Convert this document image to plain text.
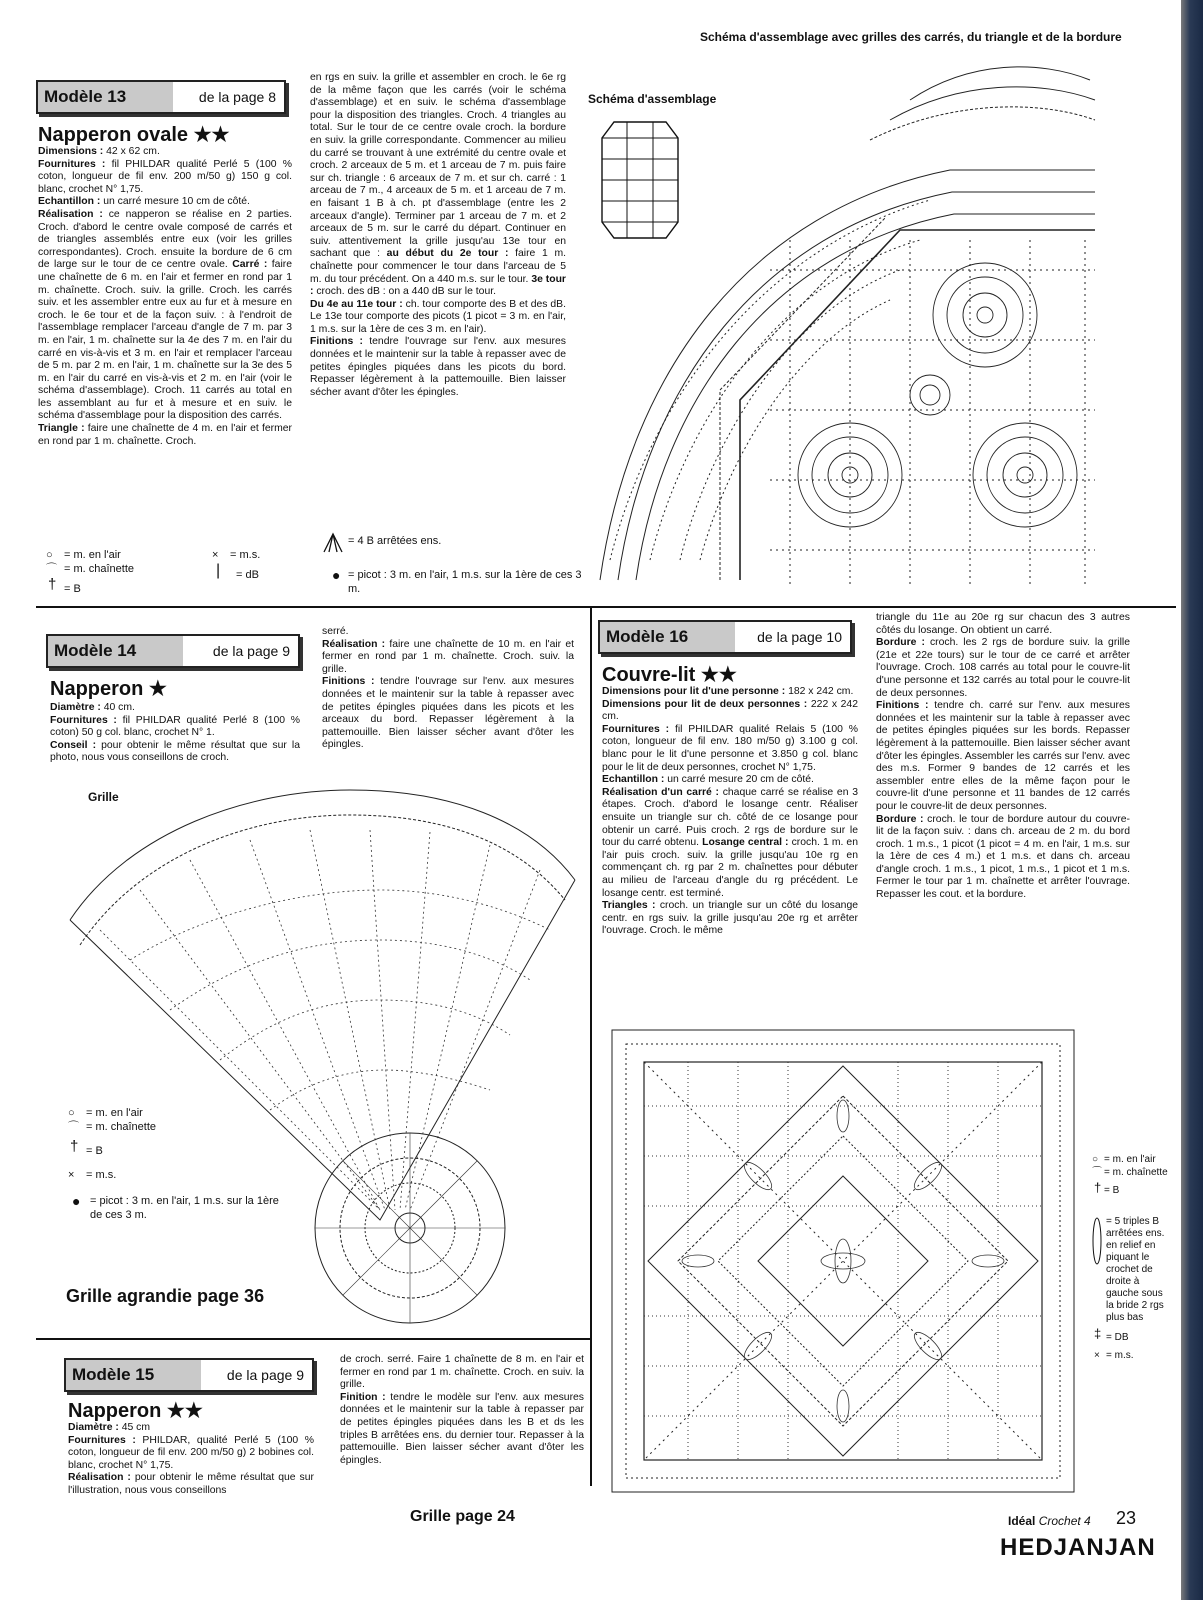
Schéma d'assemblage avec grilles des carrés, du triangle et de la bordure
Modèle 13	de la page 8
Napperon ovale ★★

Dimensions : 42 x 62 cm.
Fournitures : fil PHILDAR qualité Perlé 5 (100 % coton, longueur de fil env. 200 m/50 g) 150 g col. blanc, crochet N° 1,75.
Echantillon : un carré mesure 10 cm de côté.
Réalisation : ce napperon se réalise en 2 parties. Croch. d'abord le centre ovale composé de carrés et de triangles assemblés entre eux (voir les grilles correspondantes). Croch. ensuite la bordure de 6 cm de large sur le tour de ce centre ovale. Carré : faire une chaînette de 6 m. en l'air et fermer en rond par 1 m. chaînette. Croch. suiv. la grille. Croch. les carrés suiv. et les assembler entre eux au fur et à mesure en croch. le 6e tour et de la façon suiv. : à l'endroit de l'assemblage remplacer l'arceau d'angle de 7 m. par 3 m. en l'air, 1 m. chaînette sur la 4e des 7 m. en l'air du carré en vis-à-vis et 3 m. en l'air et remplacer l'arceau de 5 m. par 2 m. en l'air, 1 m. chaînette sur la 3e des 5 m. en l'air du carré en vis-à-vis et 2 m. en l'air (voir le schéma d'assemblage). Croch. 11 carrés au total en les assemblant au fur et à mesure et en suiv. le schéma d'assemblage pour la disposition des carrés.
Triangle : faire une chaînette de 4 m. en l'air et fermer en rond par 1 m. chaînette. Croch.

en rgs en suiv. la grille et assembler en croch. le 6e rg de la même façon que les carrés (voir le schéma d'assemblage) et en suiv. le schéma d'assemblage pour la disposition des triangles. Croch. 4 triangles au total. Sur le tour de ce centre ovale croch. la bordure en suiv. la grille correspondante. Commencer au milieu du carré se trouvant à une extrémité du centre ovale et croch. 2 arceaux de 5 m. et 1 arceau de 7 m. puis faire sur ch. triangle : 6 arceaux de 7 m. et sur ch. carré : 1 arceau de 7 m., 4 arceaux de 5 m. et 1 arceau de 7 m. en faisant 1 B à ch. pt d'assemblage (entre les 2 arceaux d'angle). Terminer par 1 arceau de 7 m. et 2 arceaux de 5 m. sur le carré du départ. Continuer en suiv. attentivement la grille jusqu'au 13e tour en sachant que : au début du 2e tour : faire 1 m. chaînette pour commencer le tour dans l'arceau de 5 m. du tour précédent. On a 440 m.s. sur le tour. 3e tour : croch. des dB : on a 440 dB sur le tour.
Du 4e au 11e tour : ch. tour comporte des B et des dB. Le 13e tour comporte des picots (1 picot = 3 m. en l'air, 1 m.s. sur la 1ère de ces 3 m. en l'air).
Finitions : tendre l'ouvrage sur l'env. aux mesures données et le maintenir sur la table à repasser avec de petites épingles piquées dans les picots du bord. Repasser légèrement à la pattemouille. Bien laisser sécher avant d'ôter les épingles.

○ = m. en l'air
⌒ = m. chaînette
† = B
× = m.s.
| = dB
= 4 B arrêtées ens.
● = picot : 3 m. en l'air, 1 m.s. sur la 1ère de ces 3 m.
Schéma d'assemblage
Modèle 14	de la page 9
Napperon ★

Diamètre : 40 cm.
Fournitures : fil PHILDAR qualité Perlé 8 (100 % coton) 50 g col. blanc, crochet N° 1.
Conseil : pour obtenir le même résultat que sur la photo, nous vous conseillons de croch.

serré.
Réalisation : faire une chaînette de 10 m. en l'air et fermer en rond par 1 m. chaînette. Croch. suiv. la grille.
Finitions : tendre l'ouvrage sur l'env. aux mesures données et le maintenir sur la table à repasser avec de petites épingles piquées dans les picots et les arceaux du bord. Repasser légèrement à la pattemouille. Bien laisser sécher avant d'ôter les épingles.

Grille
○ = m. en l'air
⌒ = m. chaînette
† = B
× = m.s.
● = picot : 3 m. en l'air, 1 m.s. sur la 1ère de ces 3 m.
Grille agrandie page 36
Modèle 15	de la page 9
Napperon ★★

Diamètre : 45 cm
Fournitures : PHILDAR, qualité Perlé 5 (100 % coton, longueur de fil env. 200 m/50 g) 2 bobines col. blanc, crochet N° 1,75.
Réalisation : pour obtenir le même résultat que sur l'illustration, nous vous conseillons

de croch. serré. Faire 1 chaînette de 8 m. en l'air et fermer en rond par 1 m. chaînette. Croch. en suiv. la grille.
Finition : tendre le modèle sur l'env. aux mesures données et le maintenir sur la table à repasser par de petites épingles piquées dans les B et ds les triples B arrêtées ens. du dernier tour. Repasser à la pattemouille. Bien laisser sécher avant d'ôter les épingles.

Grille page 24
Modèle 16	de la page 10
Couvre-lit ★★

Dimensions pour lit d'une personne : 182 x 242 cm.
Dimensions pour lit de deux personnes : 222 x 242 cm.
Fournitures : fil PHILDAR qualité Relais 5 (100 % coton, longueur de fil env. 180 m/50 g) 3.100 g col. blanc pour le lit d'une personne et 3.850 g col. blanc pour le lit de deux personnes, crochet N° 1,75.
Echantillon : un carré mesure 20 cm de côté.
Réalisation d'un carré : chaque carré se réalise en 3 étapes. Croch. d'abord le losange centr. Réaliser ensuite un triangle sur ch. côté de ce losange pour obtenir un carré. Puis croch. 2 rgs de bordure sur le tour du carré obtenu. Losange central : croch. 1 m. en l'air puis croch. suiv. la grille jusqu'au 10e rg en commençant ch. rg par 2 m. chaînettes pour débuter au milieu de l'arceau d'angle du rg précédent. Le losange centr. est terminé.
Triangles : croch. un triangle sur un côté du losange centr. en rgs suiv. la grille jusqu'au 20e rg et arrêter l'ouvrage. Croch. le même

triangle du 11e au 20e rg sur chacun des 3 autres côtés du losange. On obtient un carré.
Bordure : croch. les 2 rgs de bordure suiv. la grille (21e et 22e tours) sur le tour de ce carré et arrêter l'ouvrage. Croch. 108 carrés au total pour le couvre-lit d'une personne et 132 carrés au total pour le couvre-lit de deux personnes.
Finitions : tendre ch. carré sur l'env. aux mesures données et les maintenir sur la table à repasser avec de petites épingles piquées sur les bords. Repasser légèrement à la pattemouille. Bien laisser sécher avant d'ôter les épingles. Assembler les carrés sur l'env. avec des m.s. Former 9 bandes de 12 carrés et les assembler entre elles de la même façon pour le couvre-lit d'une personne et 11 bandes de 12 carrés pour le couvre-lit de deux personnes.
Bordure : croch. le tour de bordure autour du couvre-lit de la façon suiv. : dans ch. arceau de 2 m. du bord croch. 1 m.s., 1 picot (1 picot = 4 m. en l'air, 1 m.s. sur la 1ère de ces 4 m.) et 1 m.s. et dans ch. arceau d'angle croch. 1 m.s., 1 picot, 1 m.s., 1 picot et 1 m.s. Fermer le tour par 1 m. chaînette et arrêter l'ouvrage. Repasser les cout. et la bordure.

○ = m. en l'air
⌒ = m. chaînette
† = B
= 5 triples B arrêtées ens. en relief en piquant le crochet de droite à gauche sous la bride 2 rgs plus bas
‡ = DB
× = m.s.
Idéal Crochet 4 23
HEDJANJAN
